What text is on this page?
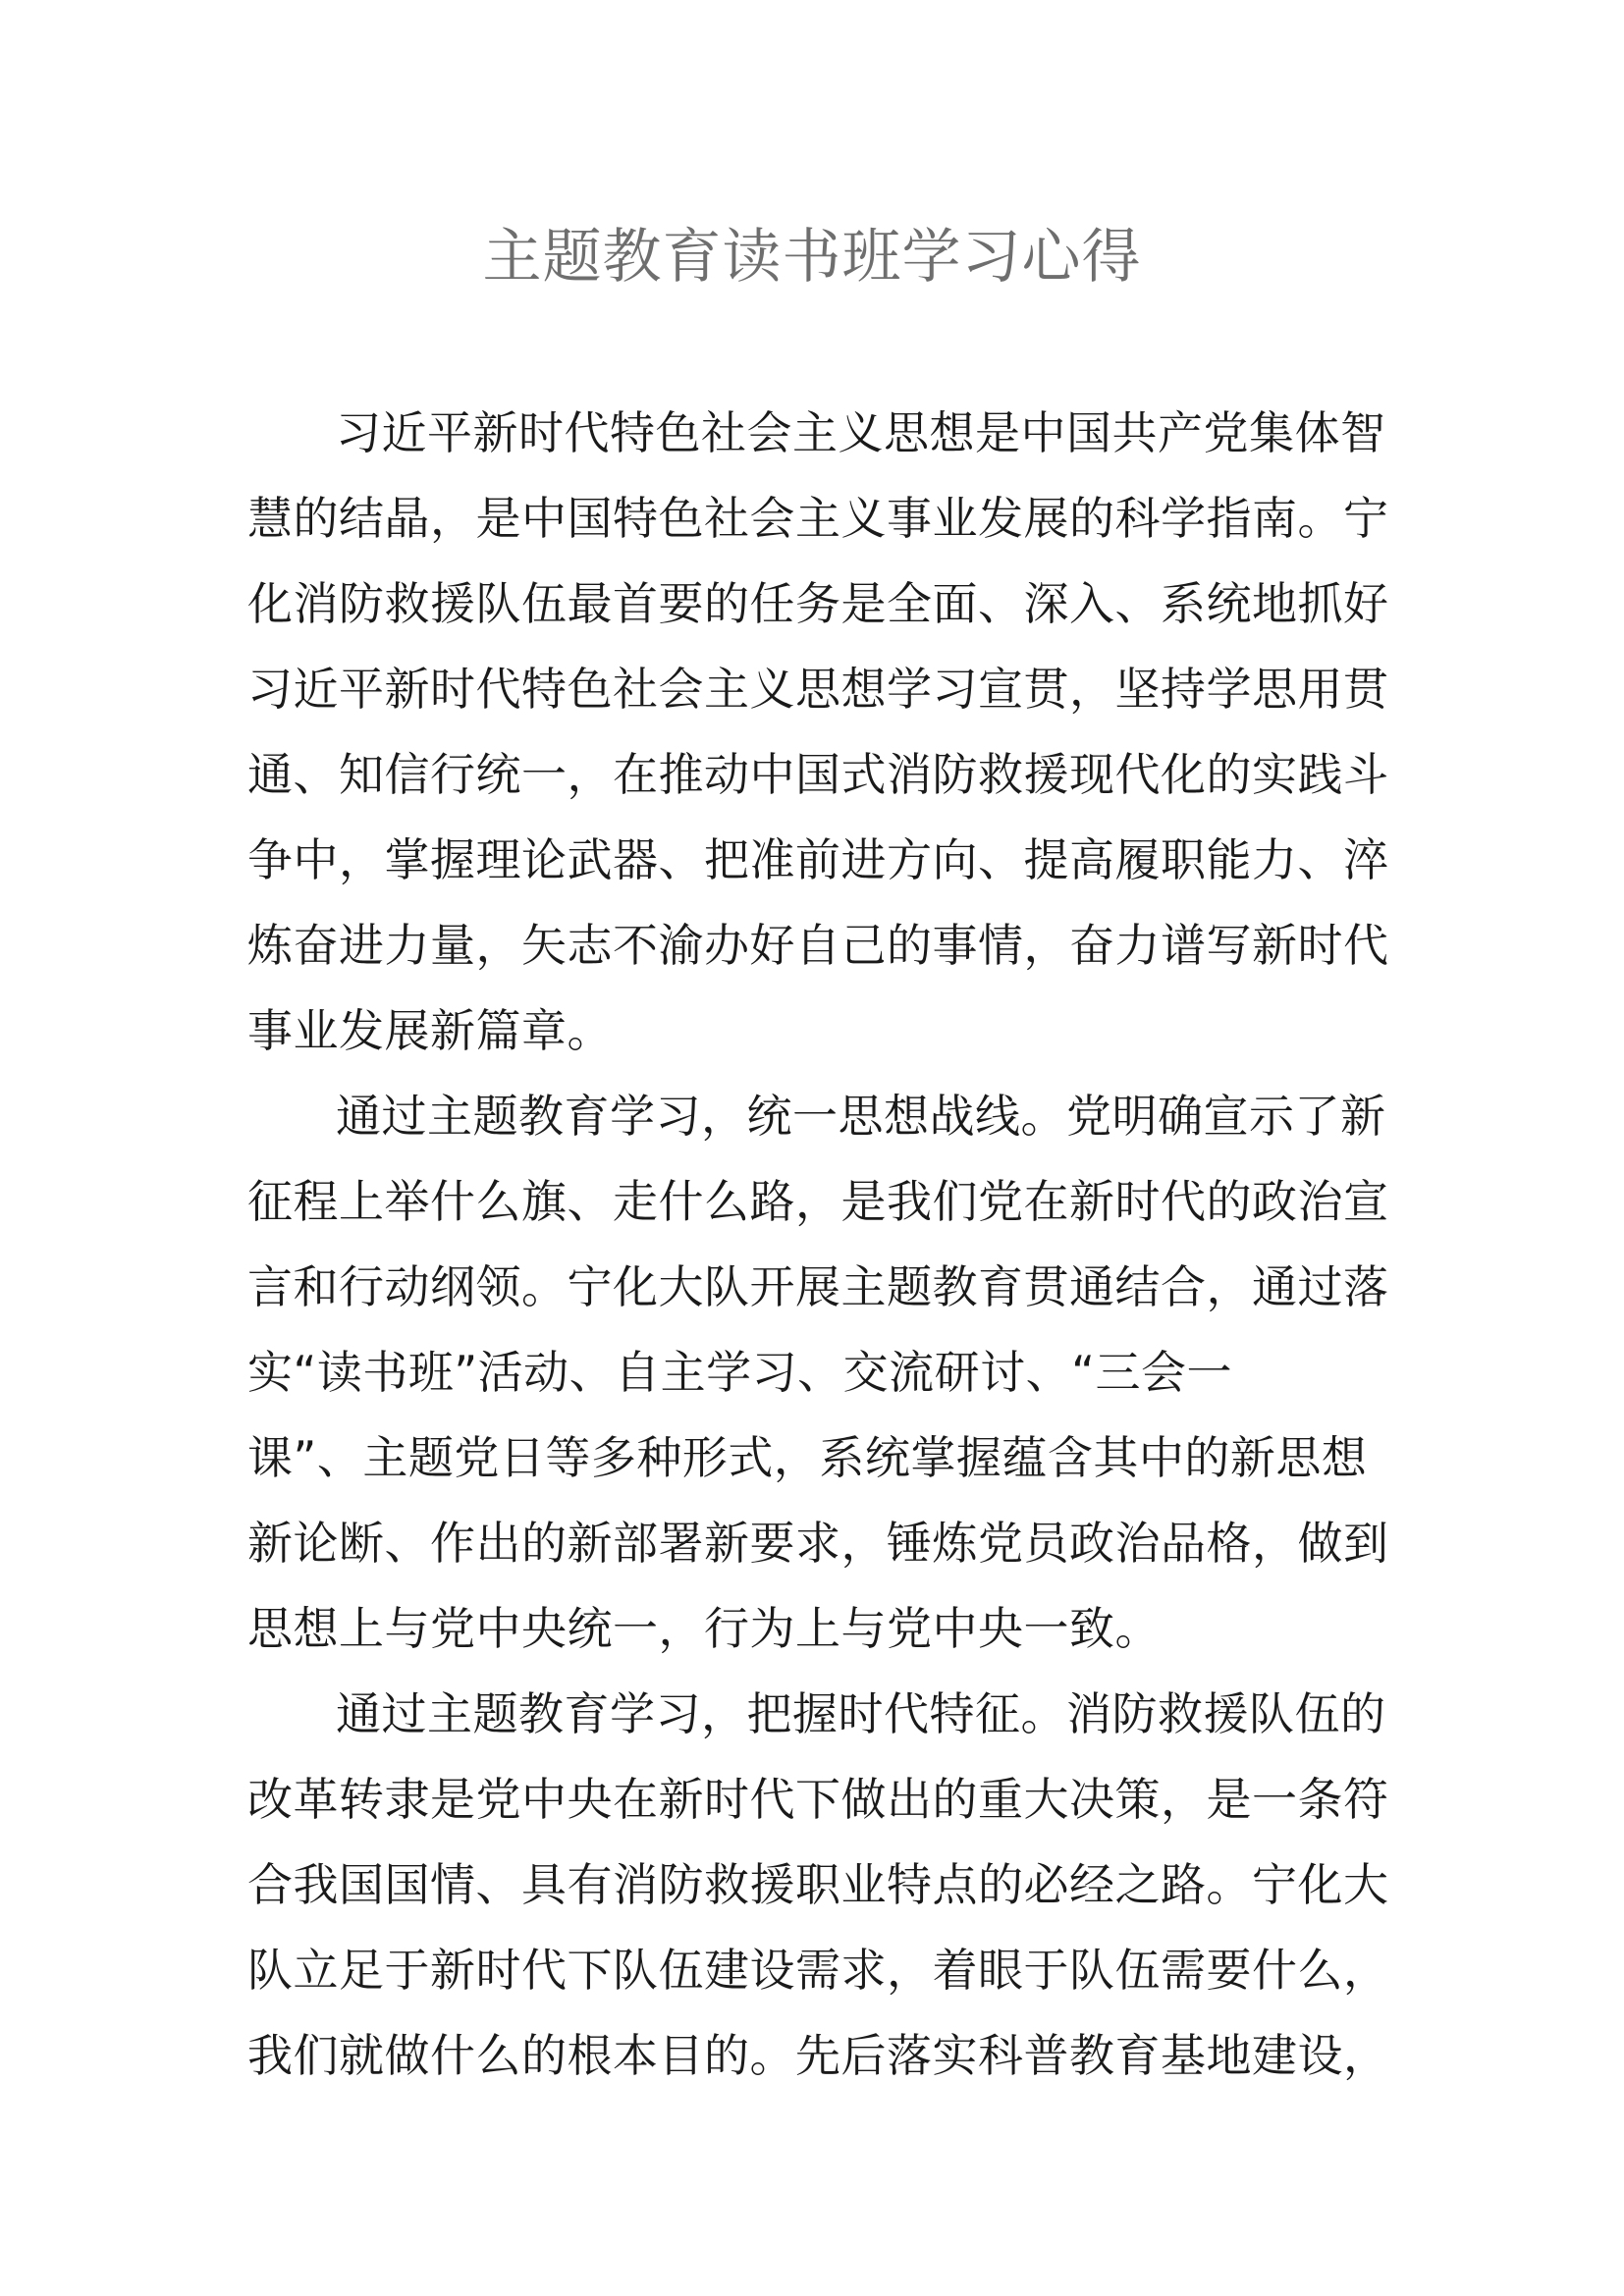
主题教育读书班学习心得
习近平新时代特色社会主义思想是中国共产党集体智
慧的结晶，是中国特色社会主义事业发展的科学指南。宁
化消防救援队伍最首要的任务是全面、深入、系统地抓好
习近平新时代特色社会主义思想学习宣贯，坚持学思用贯
通、知信行统一，在推动中国式消防救援现代化的实践斗
争中，掌握理论武器、把准前进方向、提高履职能力、淬
炼奋进力量，矢志不渝办好自己的事情，奋力谱写新时代
事业发展新篇章。
通过主题教育学习，统一思想战线。党明确宣示了新
征程上举什么旗、走什么路，是我们党在新时代的政治宣
言和行动纲领。宁化大队开展主题教育贯通结合，通过落
实“读书班”活动、自主学习、交流研讨、“三会一
课”、主题党日等多种形式，系统掌握蕴含其中的新思想
新论断、作出的新部署新要求，锤炼党员政治品格，做到
思想上与党中央统一，行为上与党中央一致。
通过主题教育学习，把握时代特征。消防救援队伍的
改革转隶是党中央在新时代下做出的重大决策，是一条符
合我国国情、具有消防救援职业特点的必经之路。宁化大
队立足于新时代下队伍建设需求，着眼于队伍需要什么，
我们就做什么的根本目的。先后落实科普教育基地建设，
